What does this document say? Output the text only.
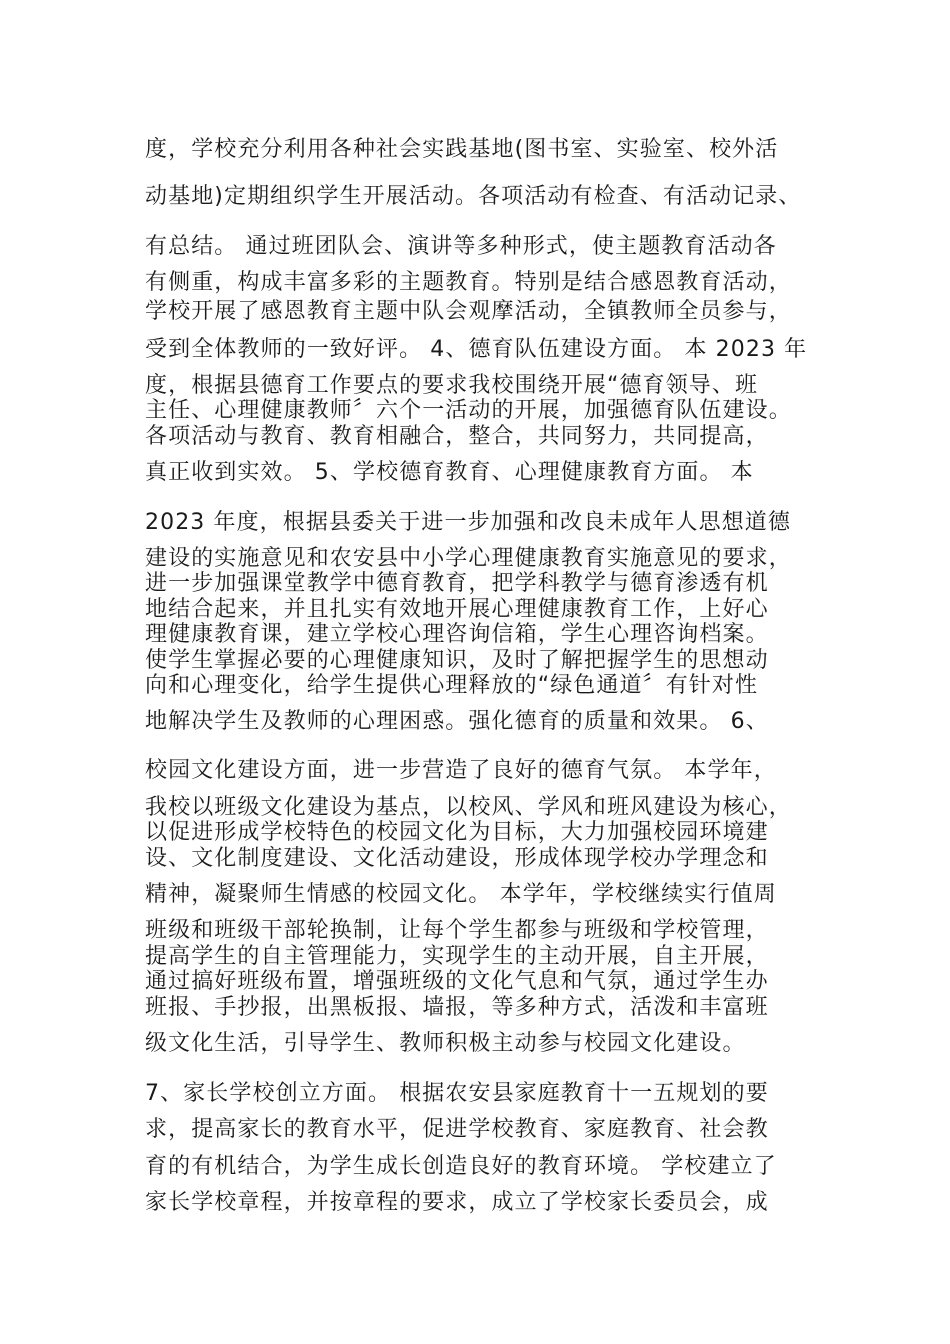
度，学校充分利用各种社会实践基地(图书室、实验室、校外活
动基地)定期组织学生开展活动。各项活动有检查、有活动记录、
有总结。 通过班团队会、演讲等多种形式，使主题教育活动各
有侧重，构成丰富多彩的主题教育。特别是结合感恩教育活动，
学校开展了感恩教育主题中队会观摩活动，全镇教师全员参与，
受到全体教师的一致好评。 4、德育队伍建设方面。 本 2023 年
度，根据县德育工作要点的要求我校围绕开展“德育领导、班
主任、心理健康教师〞六个一活动的开展，加强德育队伍建设。
各项活动与教育、教育相融合，整合，共同努力，共同提高，
真正收到实效。 5、学校德育教育、心理健康教育方面。 本
2023 年度，根据县委关于进一步加强和改良未成年人思想道德
建设的实施意见和农安县中小学心理健康教育实施意见的要求，
进一步加强课堂教学中德育教育，把学科教学与德育渗透有机
地结合起来，并且扎实有效地开展心理健康教育工作，上好心
理健康教育课，建立学校心理咨询信箱，学生心理咨询档案。
使学生掌握必要的心理健康知识，及时了解把握学生的思想动
向和心理变化，给学生提供心理释放的“绿色通道〞有针对性
地解决学生及教师的心理困惑。强化德育的质量和效果。 6、
校园文化建设方面，进一步营造了良好的德育气氛。 本学年，
我校以班级文化建设为基点，以校风、学风和班风建设为核心，
以促进形成学校特色的校园文化为目标，大力加强校园环境建
设、文化制度建设、文化活动建设，形成体现学校办学理念和
精神，凝聚师生情感的校园文化。 本学年，学校继续实行值周
班级和班级干部轮换制，让每个学生都参与班级和学校管理，
提高学生的自主管理能力，实现学生的主动开展，自主开展，
通过搞好班级布置，增强班级的文化气息和气氛，通过学生办
班报、手抄报，出黑板报、墙报，等多种方式，活泼和丰富班
级文化生活，引导学生、教师积极主动参与校园文化建设。
7、家长学校创立方面。 根据农安县家庭教育十一五规划的要
求，提高家长的教育水平，促进学校教育、家庭教育、社会教
育的有机结合，为学生成长创造良好的教育环境。 学校建立了
家长学校章程，并按章程的要求，成立了学校家长委员会，成
